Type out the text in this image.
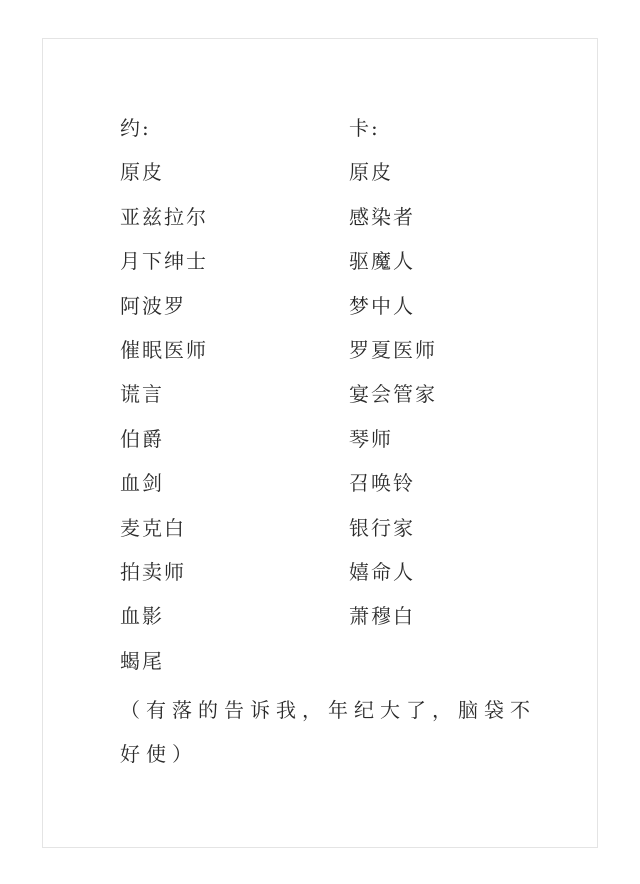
约:
原皮
亚兹拉尔
月下绅士
阿波罗
催眠医师
谎言
伯爵
血剑
麦克白
拍卖师
血影
蝎尾
卡:
原皮
感染者
驱魔人
梦中人
罗夏医师
宴会管家
琴师
召唤铃
银行家
嬉命人
萧穆白
（有落的告诉我，年纪大了，脑袋不好使）
